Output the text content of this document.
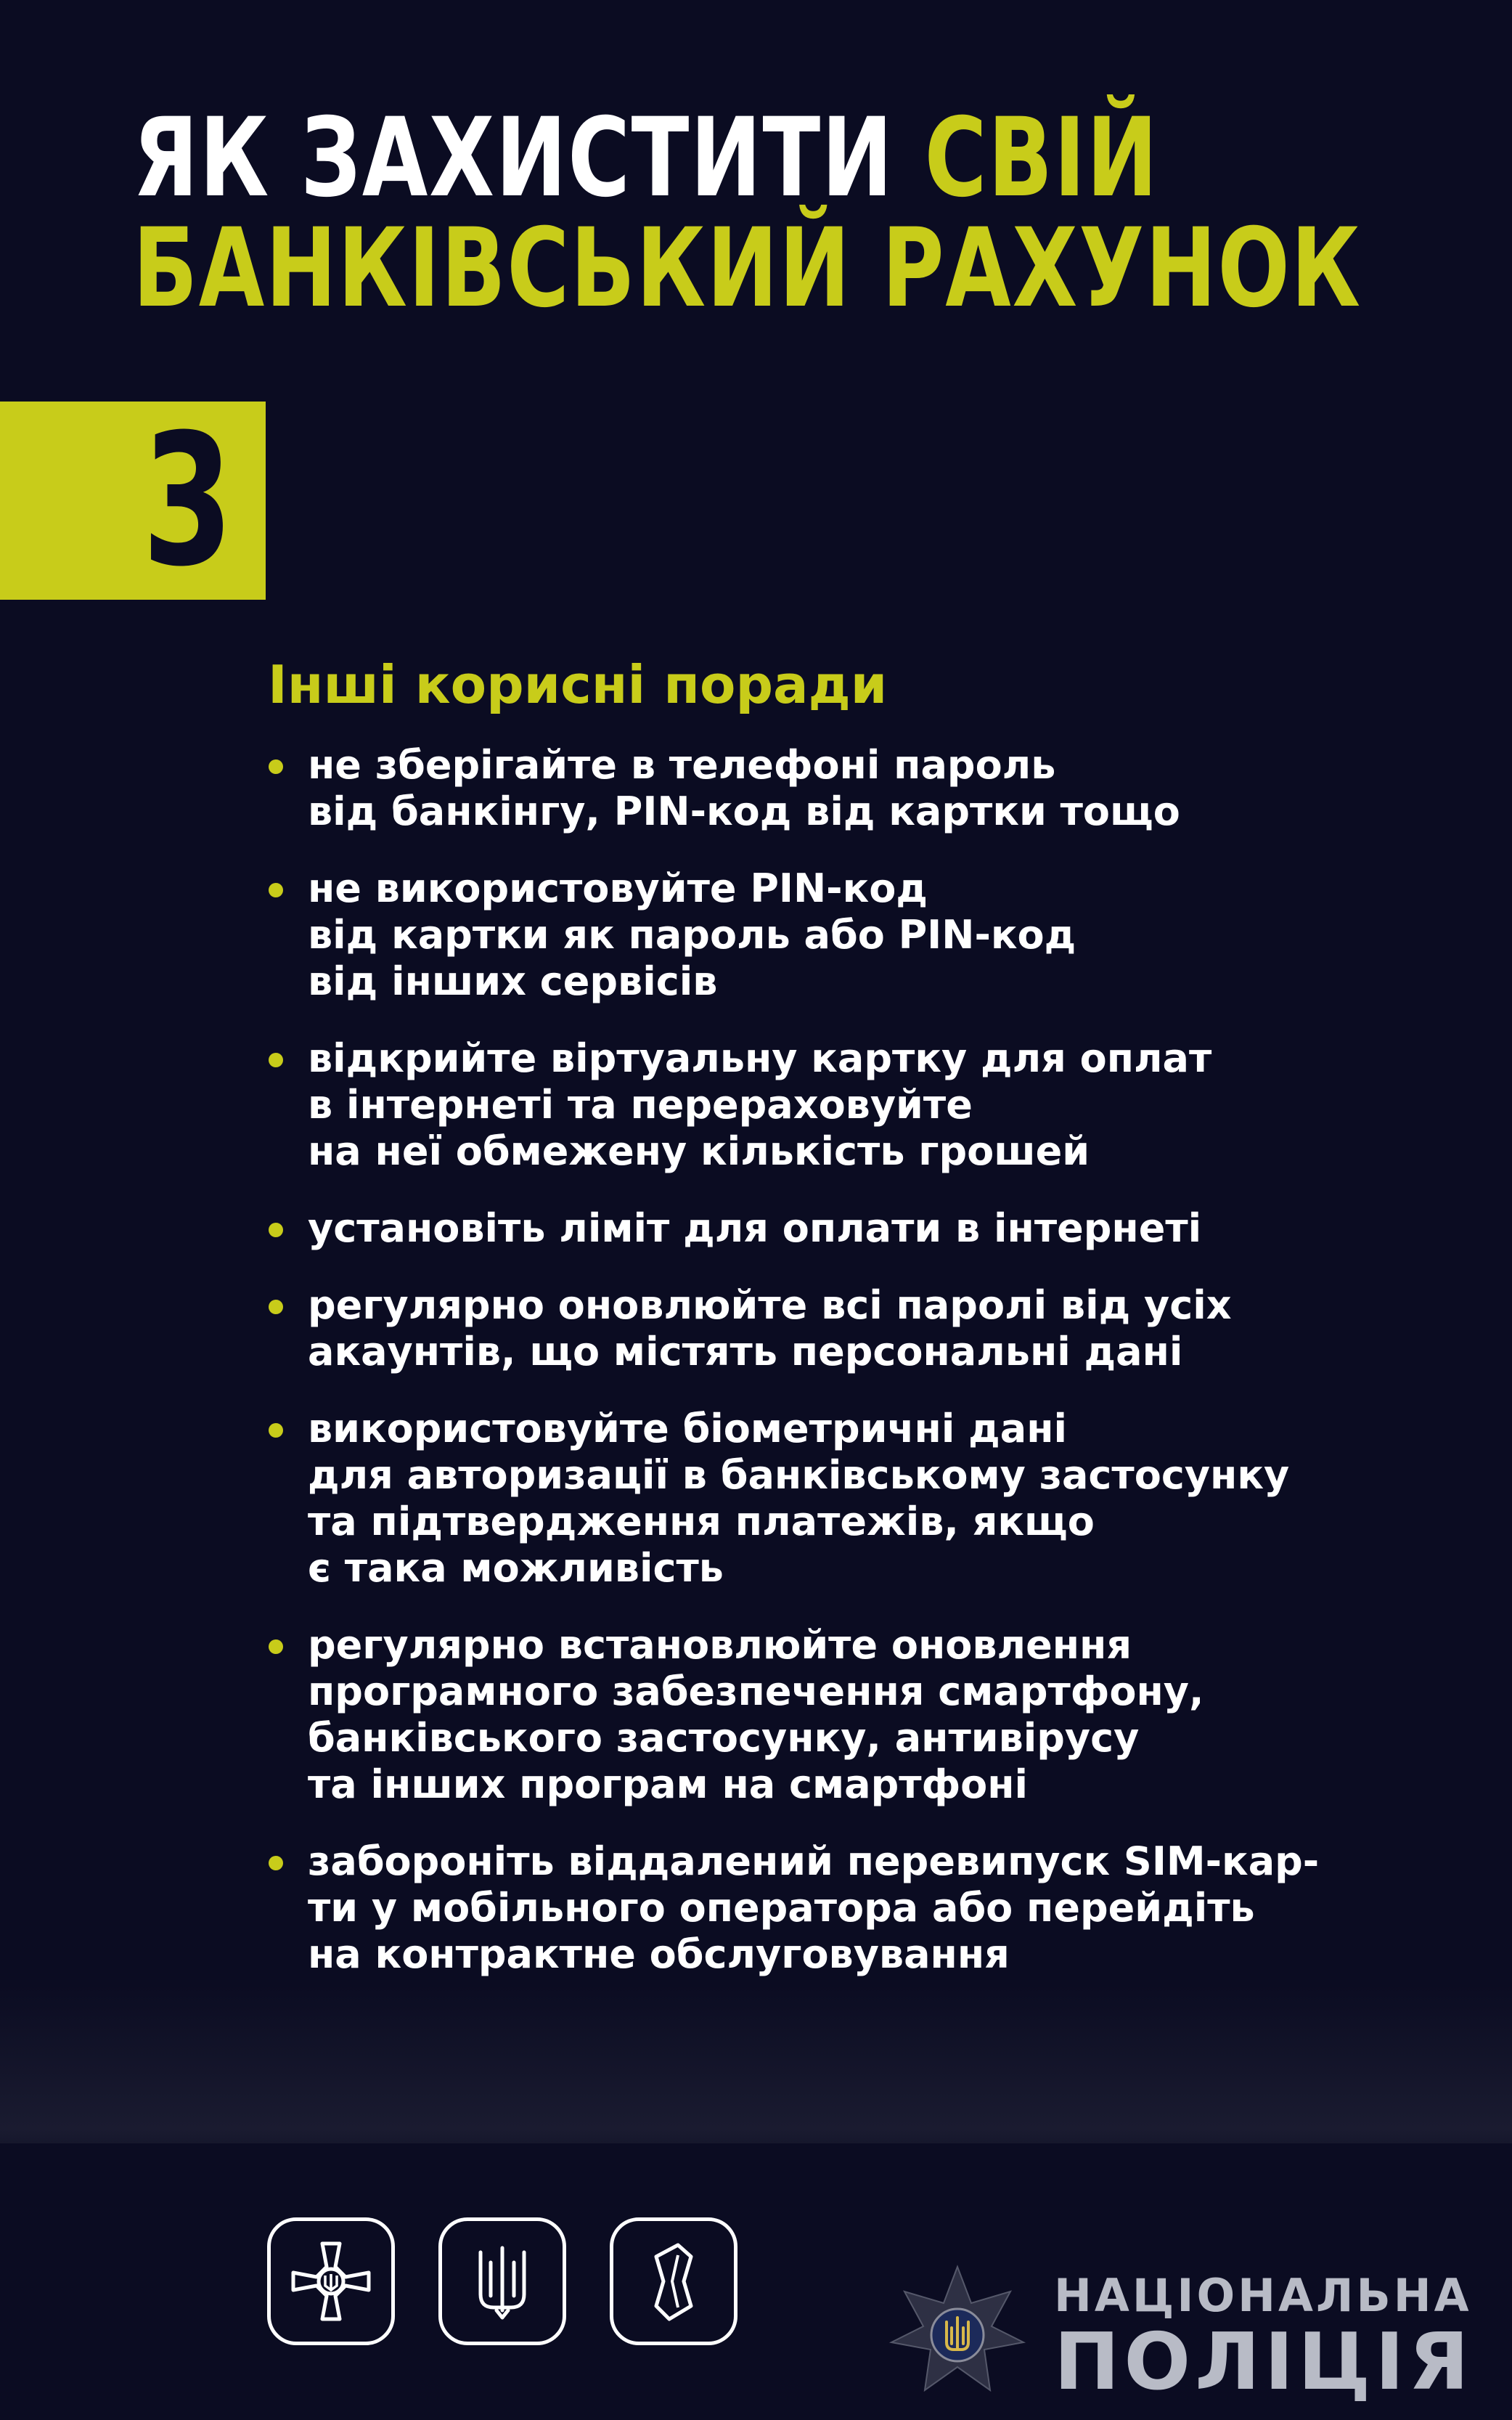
ЯК ЗАХИСТИТИ СВІЙ
БАНКІВСЬКИЙ РАХУНОК
3
Інші корисні поради
не зберігайте в телефоні пароль
від банкінгу, PIN-код від картки тощо
не використовуйте PIN-код
від картки як пароль або PIN-код
від інших сервісів
відкрийте віртуальну картку для оплат
в інтернеті та перераховуйте
на неї обмежену кількість грошей
установіть ліміт для оплати в інтернеті
регулярно оновлюйте всі паролі від усіх
акаунтів, що містять персональні дані
використовуйте біометричні дані
для авторизації в банківському застосунку
та підтвердження платежів, якщо
є така можливість
регулярно встановлюйте оновлення
програмного забезпечення смартфону,
банківського застосунку, антивірусу
та інших програм на смартфоні
забороніть віддалений перевипуск SIM-кар-
ти у мобільного оператора або перейдіть
на контрактне обслуговування
НАЦІОНАЛЬНА
ПОЛІЦІЯ
